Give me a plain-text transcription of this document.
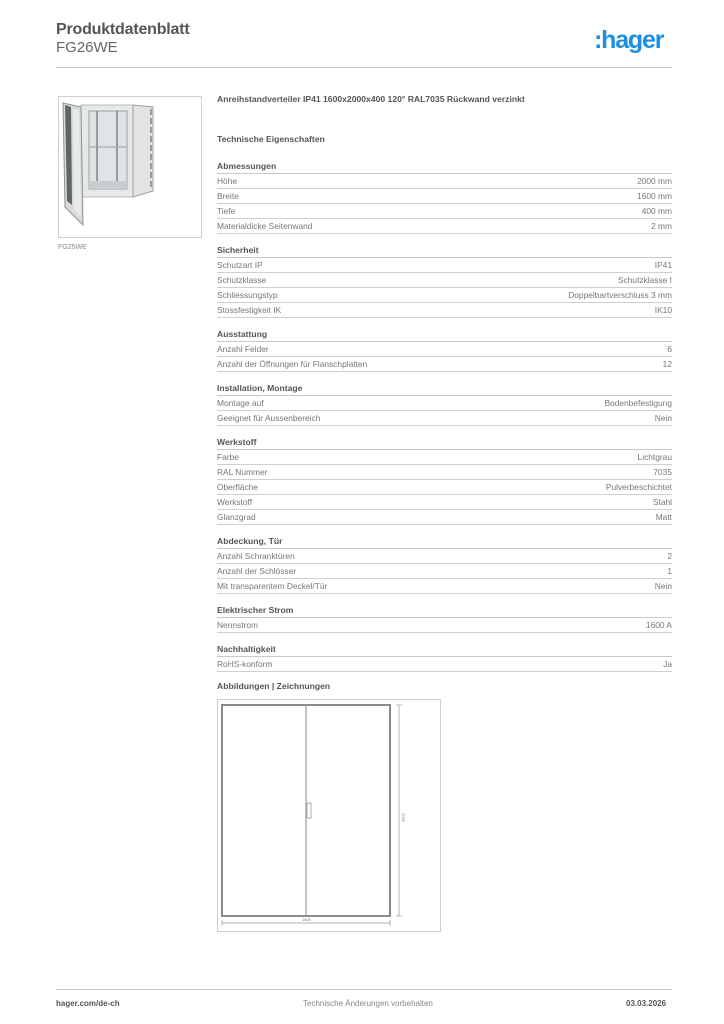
Produktdatenblatt
FG26WE	:hager
FG25WE
Anreihstandverteiler IP41 1600x2000x400 120° RAL7035 Rückwand verzinkt
Technische Eigenschaften
Abmessungen
Höhe	2000 mm
Breite	1600 mm
Tiefe	400 mm
Materialdicke Seitenwand	2 mm
Sicherheit
Schutzart IP	IP41
Schutzklasse	Schutzklasse I
Schliessungstyp	Doppelbartverschluss 3 mm
Stossfestigkeit IK	IK10
Ausstattung
Anzahl Felder	6
Anzahl der Öffnungen für Flanschplatten	12
Installation, Montage
Montage auf	Bodenbefestigung
Geeignet für Aussenbereich	Nein
Werkstoff
Farbe	Lichtgrau
RAL Nummer	7035
Oberfläche	Pulverbeschichtet
Werkstoff	Stahl
Glanzgrad	Matt
Abdeckung, Tür
Anzahl Schranktüren	2
Anzahl der Schlösser	1
Mit transparentem Deckel/Tür	Nein
Elektrischer Strom
Nennstrom	1600 A
Nachhaltigkeit
RoHS-konform	Ja
Abbildungen | Zeichnungen
2000
1600
hager.com/de-ch	Technische Änderungen vorbehalten	03.03.2026
